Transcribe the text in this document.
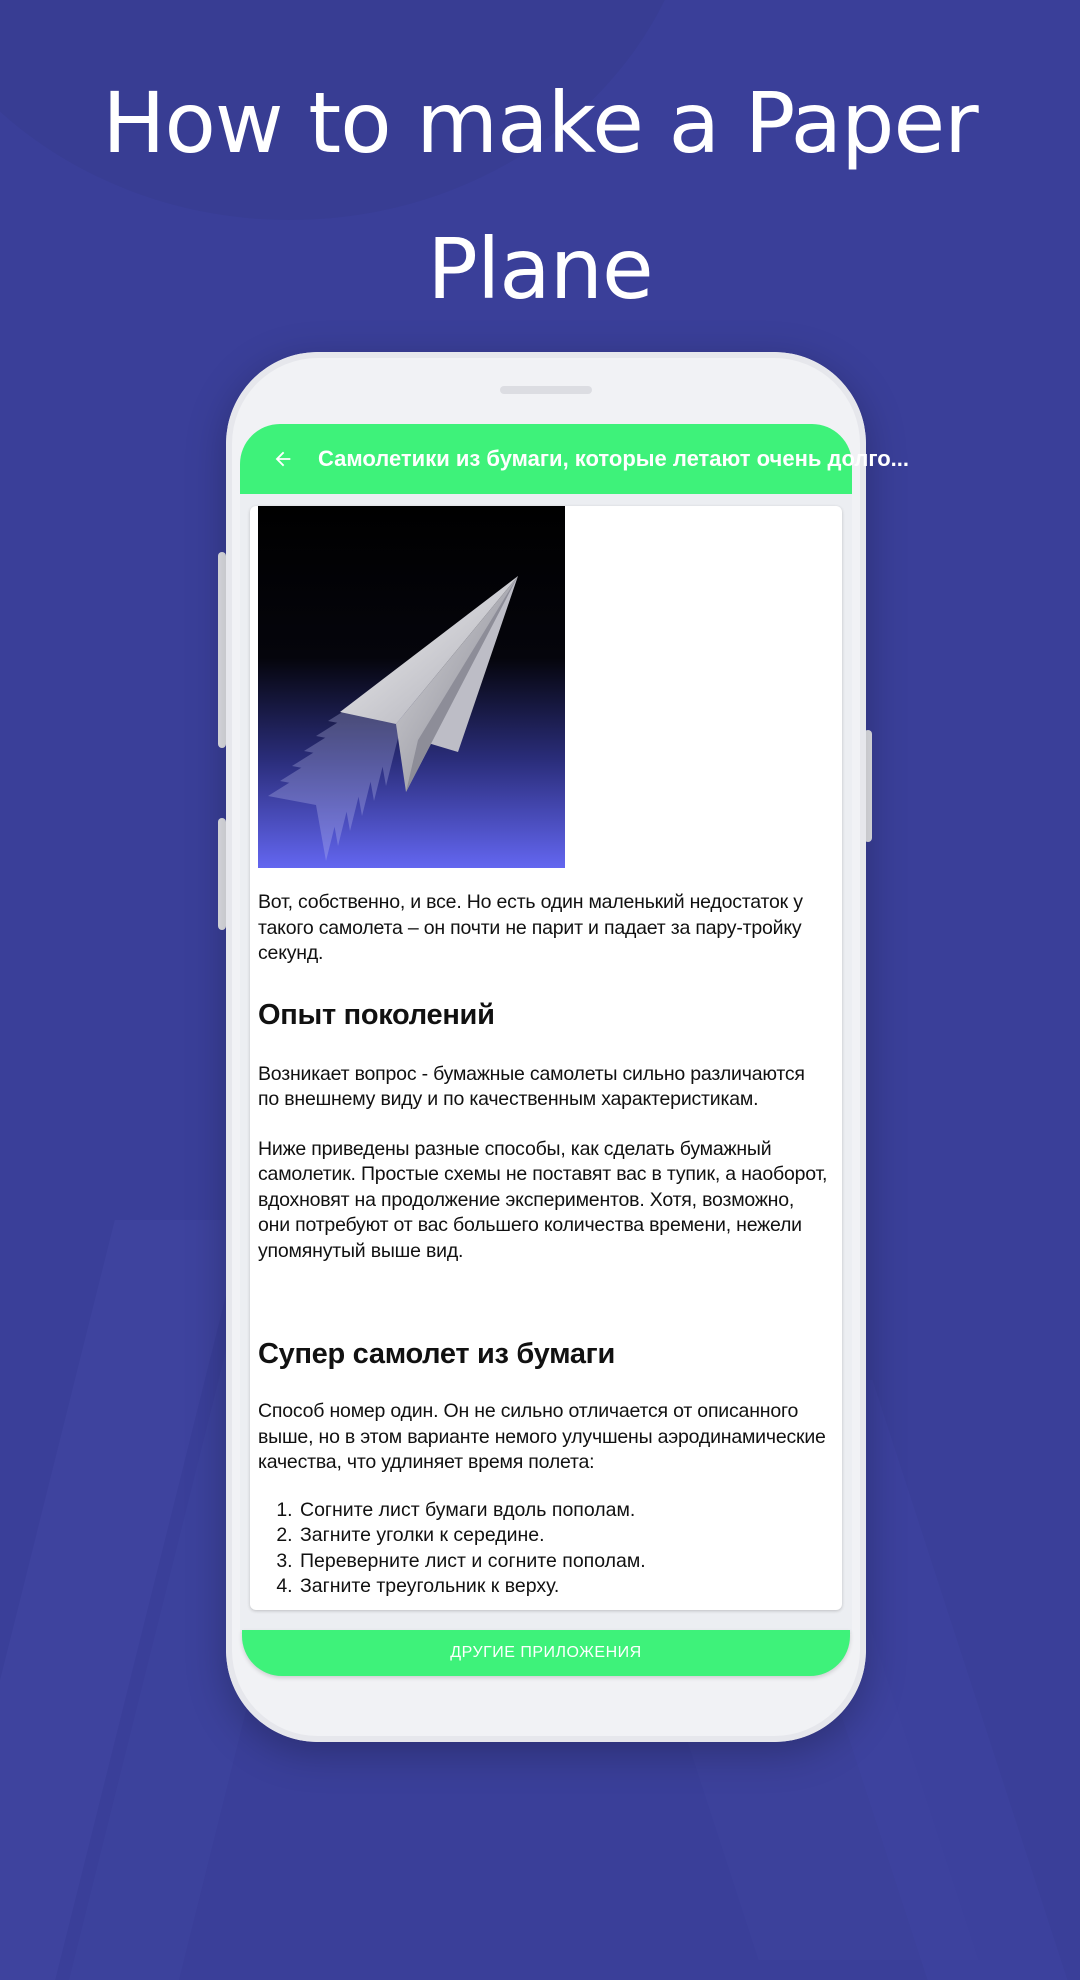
How to make a Paper Plane
Самолетики из бумаги, которые летают очень долго...

Вот, собственно, и все. Но есть один маленький недостаток у такого самолета – он почти не парит и падает за пару-тройку секунд.

Опыт поколений

Возникает вопрос - бумажные самолеты сильно различаются по внешнему виду и по качественным характеристикам.

Ниже приведены разные способы, как сделать бумажный самолетик. Простые схемы не поставят вас в тупик, а наоборот, вдохновят на продолжение экспериментов. Хотя, возможно, они потребуют от вас большего количества времени, нежели упомянутый выше вид.

Супер самолет из бумаги

Способ номер один. Он не сильно отличается от описанного выше, но в этом варианте немого улучшены аэродинамические качества, что удлиняет время полета:

1. Согните лист бумаги вдоль пополам.
2. Загните уголки к середине.
3. Переверните лист и согните пополам.
4. Загните треугольник к верху.
ДРУГИЕ ПРИЛОЖЕНИЯ
